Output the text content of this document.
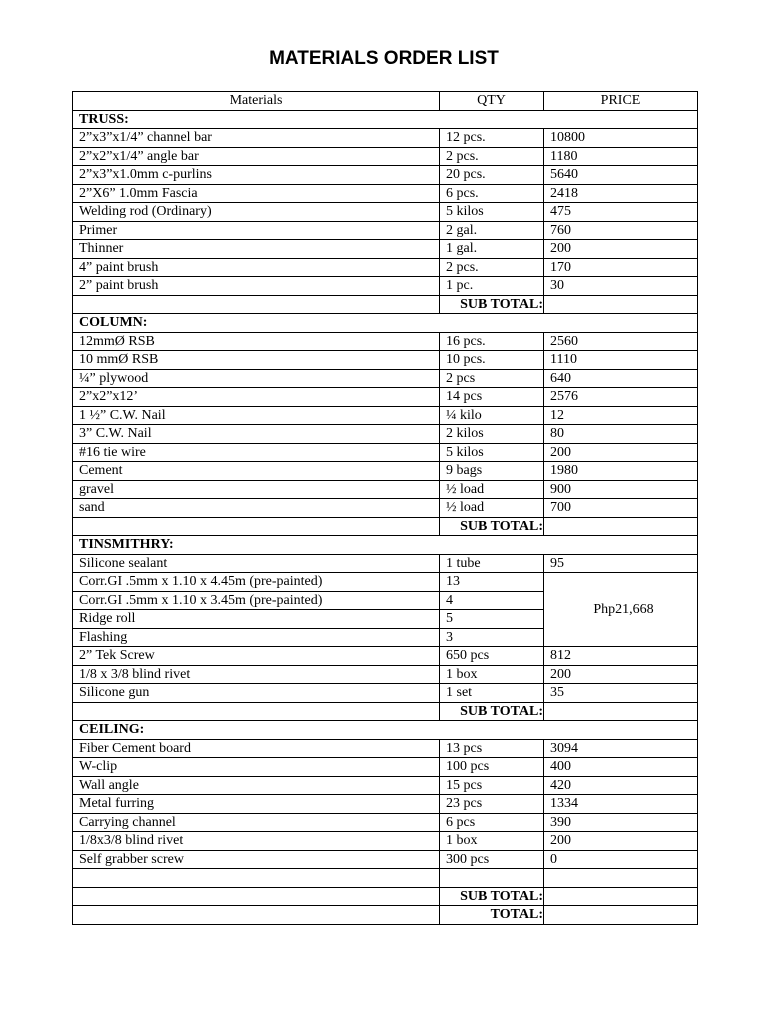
MATERIALS ORDER LIST
Materials	QTY	PRICE
TRUSS:		
2”x3”x1/4” channel bar	12 pcs.	10800
2”x2”x1/4” angle bar	2 pcs.	1180
2”x3”x1.0mm c-purlins	20 pcs.	5640
2”X6” 1.0mm Fascia	6 pcs.	2418
Welding rod (Ordinary)	5 kilos	475
Primer	2 gal.	760
Thinner	1 gal.	200
4” paint brush	2 pcs.	170
2” paint brush	1 pc.	30
	SUB TOTAL:	
COLUMN:		
12mmØ RSB	16 pcs.	2560
10 mmØ RSB	10 pcs.	1110
¼” plywood	2 pcs	640
2”x2”x12’	14 pcs	2576
1 ½” C.W. Nail	¼ kilo	12
3” C.W. Nail	2 kilos	80
#16 tie wire	5 kilos	200
Cement	9 bags	1980
gravel	½ load	900
sand	½ load	700
	SUB TOTAL:	
TINSMITHRY:		
Silicone sealant	1 tube	95
Corr.GI .5mm x 1.10 x 4.45m (pre-painted)	13	Php21,668
Corr.GI .5mm x 1.10 x 3.45m (pre-painted)	4	
Ridge roll	5	
Flashing	3	
2” Tek Screw	650 pcs	812
1/8 x 3/8 blind rivet	1 box	200
Silicone gun	1 set	35
	SUB TOTAL:	
CEILING:		
Fiber Cement board	13 pcs	3094
W-clip	100 pcs	400
Wall angle	15 pcs	420
Metal furring	23 pcs	1334
Carrying channel	6 pcs	390
1/8x3/8 blind rivet	1 box	200
Self grabber screw	300 pcs	0

	SUB TOTAL:	
	TOTAL:	
